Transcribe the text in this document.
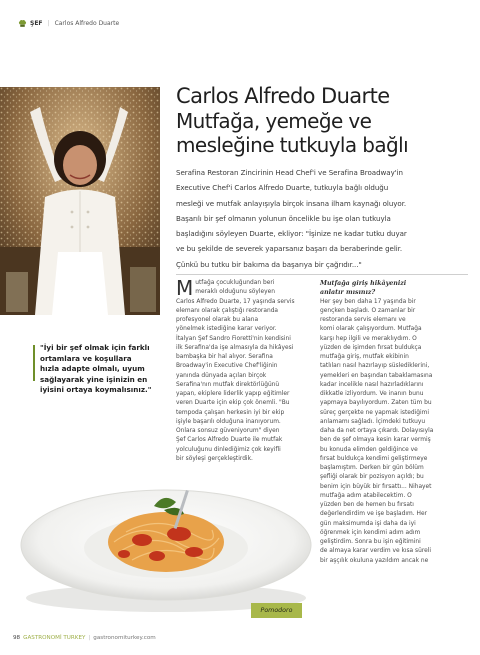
ŞEF | Carlos Alfredo Duarte
Carlos Alfredo Duarte
Mutfağa, yemeğe ve
mesleğine tutkuyla bağlı

Serafina Restoran Zincirinin Head Chef'i ve Serafina Broadway'in

Executive Chef'i Carlos Alfredo Duarte, tutkuyla bağlı olduğu

mesleği ve mutfak anlayışıyla birçok insana ilham kaynağı oluyor.

Başarılı bir şef olmanın yolunun öncelikle bu işe olan tutkuyla

başladığını söyleyen Duarte, ekliyor: "İşinize ne kadar tutku duyar

ve bu şekilde de severek yaparsanız başarı da beraberinde gelir.

Çünkü bu tutku bir bakıma da başarıya bir çağrıdır..."

M utfağa çocukluğundan beri

meraklı olduğunu söyleyen

Carlos Alfredo Duarte, 17 yaşında servis

elemanı olarak çalıştığı restoranda

profesyonel olarak bu alana

yönelmek istediğine karar veriyor.

İtalyan Şef Sandro Fioretti'nin kendisini

ilk Serafina'da işe almasıyla da hikâyesi

bambaşka bir hal alıyor. Serafina

Broadway'in Executive Chef'liğinin

yanında dünyada açılan birçok

Serafina'nın mutfak direktörlüğünü

yapan, ekiplere liderlik yapıp eğitimler

veren Duarte için ekip çok önemli. "Bu

tempoda çalışan herkesin iyi bir ekip

işiyle başarılı olduğuna inanıyorum.

Onlara sonsuz güveniyorum" diyen

Şef Carlos Alfredo Duarte ile mutfak

yolculuğunu dinlediğimiz çok keyifli

bir söyleşi gerçekleştirdik.

Mutfağa giriş hikâyenizi

anlatır mısınız?

Her şey ben daha 17 yaşında bir

gençken başladı. O zamanlar bir

restoranda servis elemanı ve

komi olarak çalışıyordum. Mutfağa

karşı hep ilgili ve meraklıydım. O

yüzden de işimden fırsat buldukça

mutfağa giriş, mutfak ekibinin

tatlıları nasıl hazırlayıp süslediklerini,

yemekleri en başından tabaklamasına

kadar incelikle nasıl hazırladıklarını

dikkatle izliyordum. Ve inanın bunu

yapmaya bayılıyordum. Zaten tüm bu

süreç gerçekte ne yapmak istediğimi

anlamamı sağladı. İçimdeki tutkuyu

daha da net ortaya çıkardı. Dolayısıyla

ben de şef olmaya kesin karar vermiş

bu konuda elimden geldiğince ve

fırsat buldukça kendimi geliştirmeye

başlamıştım. Derken bir gün bölüm

şefliği olarak bir pozisyon açıldı; bu

benim için büyük bir fırsattı... Nihayet

mutfağa adım atabilecektim. O

yüzden ben de hemen bu fırsatı

değerlendirdim ve işe başladım. Her

gün maksimumda işi daha da iyi

öğrenmek için kendimi adım adım

geliştirdim. Sonra bu işin eğitimini

de almaya karar verdim ve kısa süreli

bir aşçılık okuluna yazıldım ancak ne

"İyi bir şef olmak için farklı

ortamlara ve koşullara

hızla adapte olmalı, uyum

sağlayarak yine işinizin en

iyisini ortaya koymalısınız."

Pomodoro
98 GASTRONOMİ TURKEY | gastronomiturkey.com
